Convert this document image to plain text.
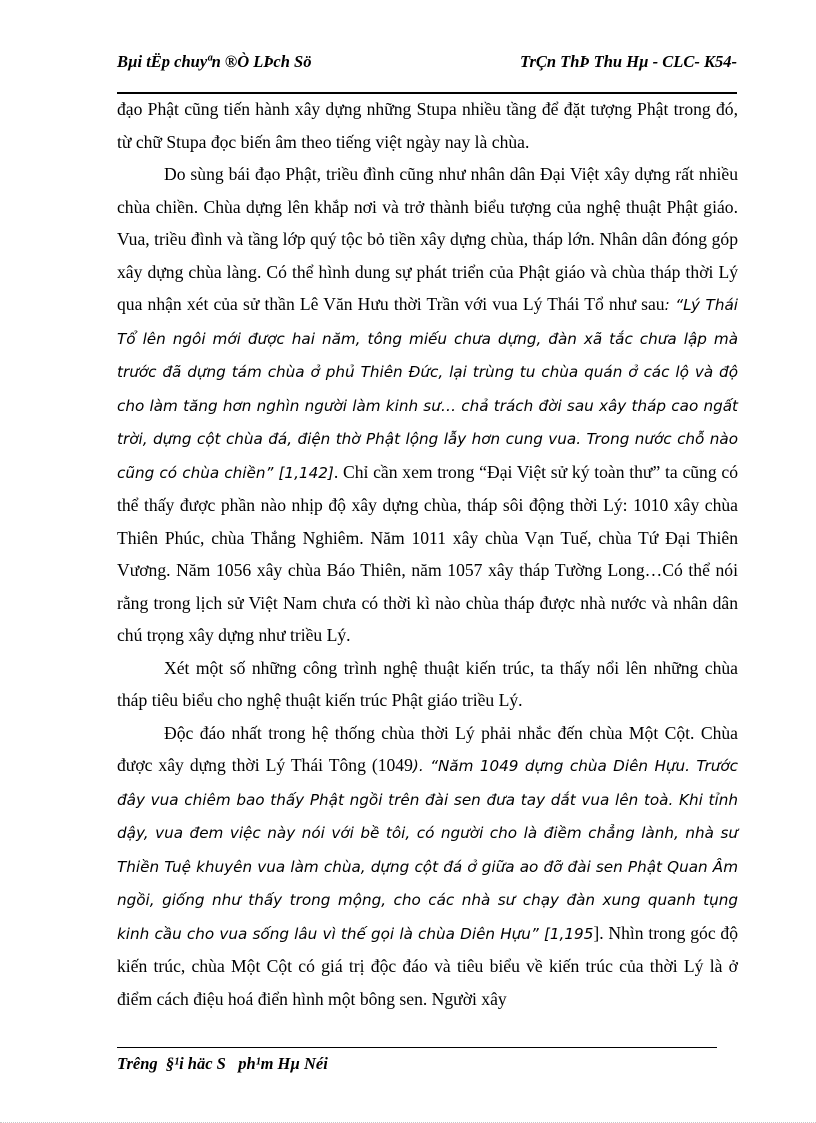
Bµi tËp chuyªn ®Ò LÞch Sö	TrÇn ThÞ Thu Hµ - CLC- K54-

đạo Phật cũng tiến hành xây dựng những Stupa nhiều tầng để đặt tượng Phật trong đó, từ chữ Stupa đọc biến âm theo tiếng việt ngày nay là chùa.

Do sùng bái đạo Phật, triều đình cũng như nhân dân Đại Việt xây dựng rất nhiều chùa chiền. Chùa dựng lên khắp nơi và trở thành biểu tượng của nghệ thuật Phật giáo. Vua, triều đình và tầng lớp quý tộc bỏ tiền xây dựng chùa, tháp lớn. Nhân dân đóng góp xây dựng chùa làng. Có thể hình dung sự phát triển của Phật giáo và chùa tháp thời Lý qua nhận xét của sử thần Lê Văn Hưu thời Trần với vua Lý Thái Tổ như sau: “Lý Thái Tổ lên ngôi mới được hai năm, tông miếu chưa dựng, đàn xã tắc chưa lập mà trước đã dựng tám chùa ở phủ Thiên Đức, lại trùng tu chùa quán ở các lộ và độ cho làm tăng hơn nghìn người làm kinh sư… chả trách đời sau xây tháp cao ngất trời, dựng cột chùa đá, điện thờ Phật lộng lẫy hơn cung vua. Trong nước chỗ nào cũng có chùa chiền” [1,142]. Chỉ cần xem trong “Đại Việt sử ký toàn thư” ta cũng có thể thấy được phần nào nhịp độ xây dựng chùa, tháp sôi động thời Lý: 1010 xây chùa Thiên Phúc, chùa Thắng Nghiêm. Năm 1011 xây chùa Vạn Tuế, chùa Tứ Đại Thiên Vương. Năm 1056 xây chùa Báo Thiên, năm 1057 xây tháp Tường Long…Có thể nói rằng trong lịch sử Việt Nam chưa có thời kì nào chùa tháp được nhà nước và nhân dân chú trọng xây dựng như triều Lý.

Xét một số những công trình nghệ thuật kiến trúc, ta thấy nổi lên những chùa tháp tiêu biểu cho nghệ thuật kiến trúc Phật giáo triều Lý.

Độc đáo nhất trong hệ thống chùa thời Lý phải nhắc đến chùa Một Cột. Chùa được xây dựng thời Lý Thái Tông (1049). “Năm 1049 dựng chùa Diên Hựu. Trước đây vua chiêm bao thấy Phật ngồi trên đài sen đưa tay dắt vua lên toà. Khi tỉnh dậy, vua đem việc này nói với bề tôi, có người cho là điềm chẳng lành, nhà sư Thiền Tuệ khuyên vua làm chùa, dựng cột đá ở giữa ao đỡ đài sen Phật Quan Âm ngồi, giống như thấy trong mộng, cho các nhà sư chạy đàn xung quanh tụng kinh cầu cho vua sống lâu vì thế gọi là chùa Diên Hựu” [1,195]. Nhìn trong góc độ kiến trúc, chùa Một Cột có giá trị độc đáo và tiêu biểu về kiến trúc của thời Lý là ở điểm cách điệu hoá điển hình một bông sen. Người xây

Trêng  §¹i häc S   ph¹m Hµ Néi
